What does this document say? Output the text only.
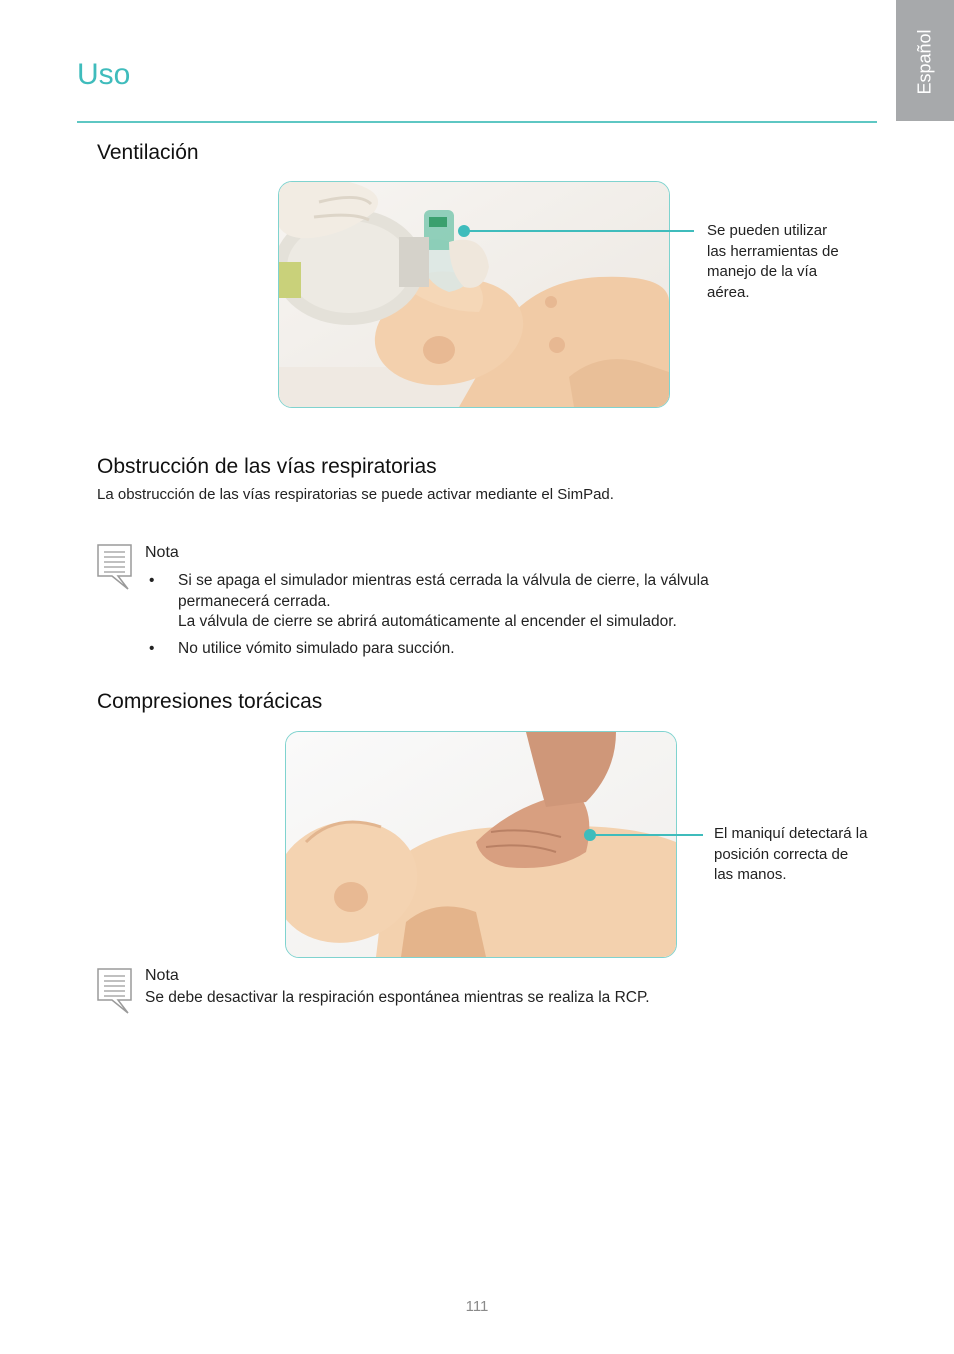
Español
Uso
Ventilación
Se pueden utilizar
las herramientas de
manejo de la vía
aérea.
Obstrucción de las vías respiratorias

La obstrucción de las vías respiratorias se puede activar mediante el SimPad.

Nota

• Si se apaga el simulador mientras está cerrada la válvula de cierre, la válvula

permanecerá cerrada.

La válvula de cierre se abrirá automáticamente al encender el simulador.

• No utilice vómito simulado para succión.

Compresiones torácicas
El maniquí detectará la
posición correcta de
las manos.

Nota

Se debe desactivar la respiración espontánea mientras se realiza la RCP.

111
